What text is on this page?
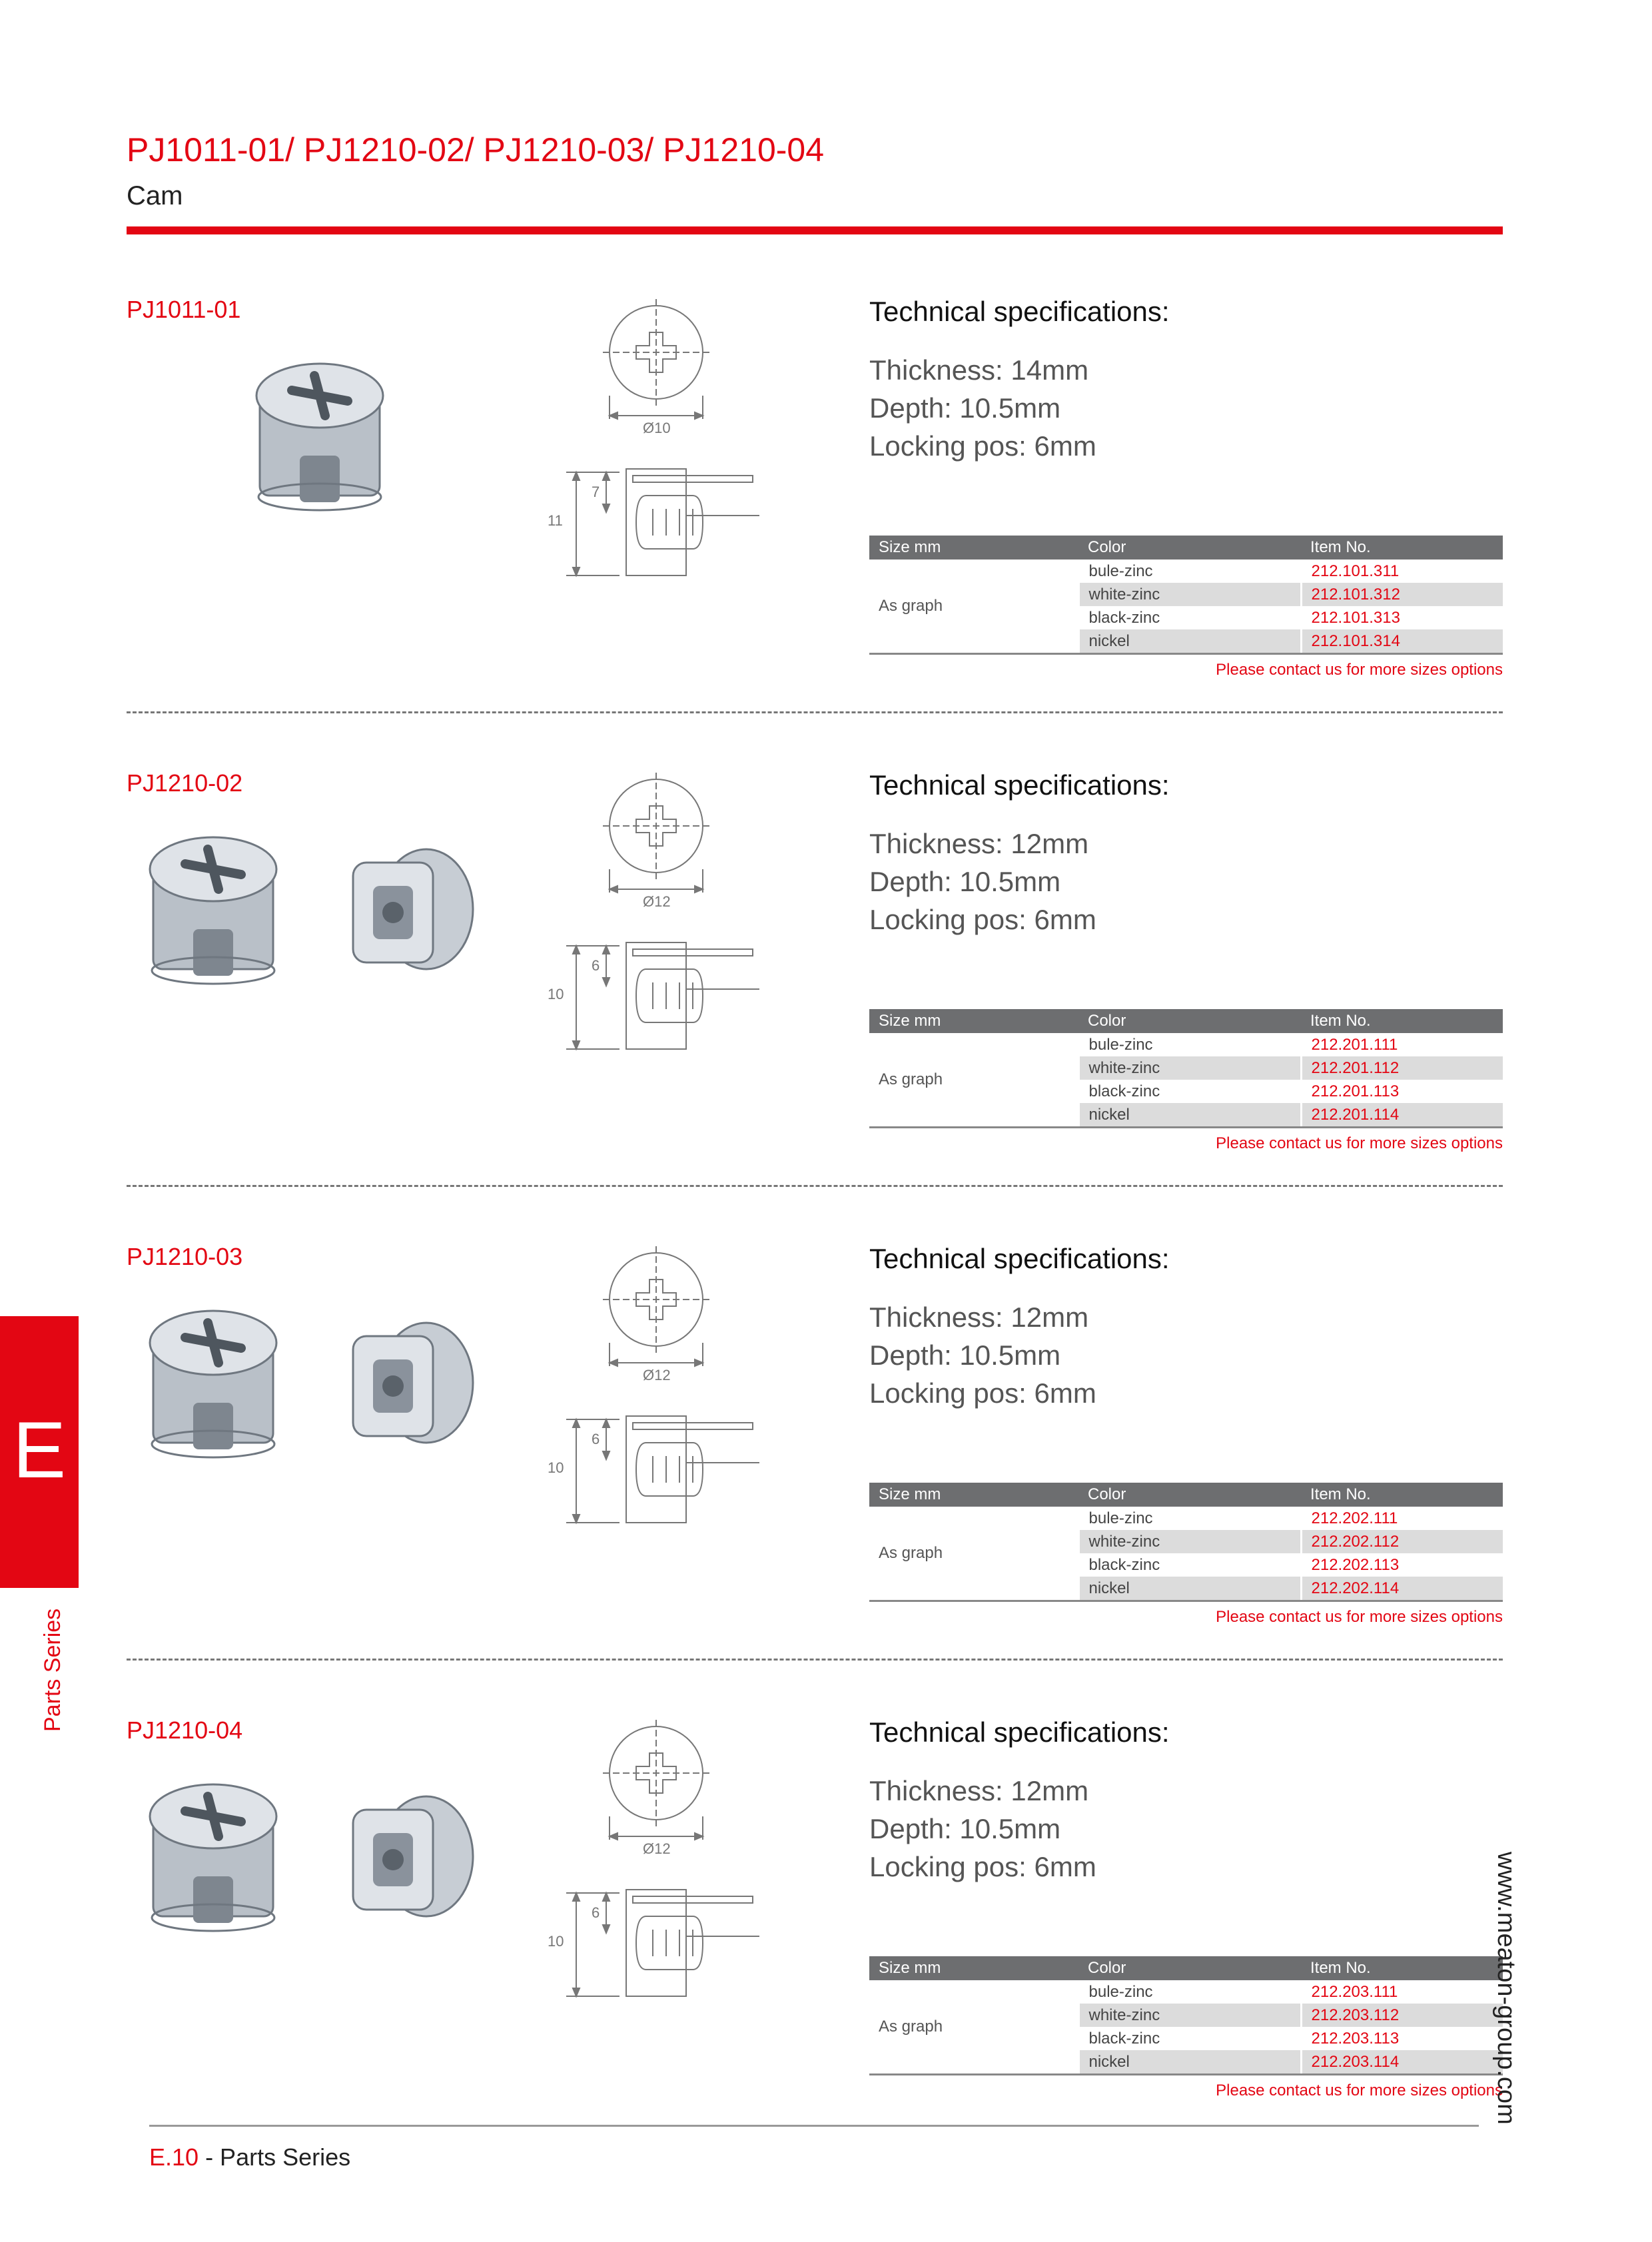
PJ1011-01/ PJ1210-02/ PJ1210-03/ PJ1210-04
Cam
PJ1011-01
Ø10
11
7
Technical specifications:
Thickness: 14mm
Depth: 10.5mm
Locking pos: 6mm
Size mm	Color	Item No.
As graph	bule-zinc	212.101.311
	white-zinc	212.101.312
	black-zinc	212.101.313
	nickel	212.101.314
Please contact us for more sizes options
PJ1210-02
Ø12
10
6
Technical specifications:
Thickness: 12mm
Depth: 10.5mm
Locking pos: 6mm
Size mm	Color	Item No.
As graph	bule-zinc	212.201.111
	white-zinc	212.201.112
	black-zinc	212.201.113
	nickel	212.201.114
Please contact us for more sizes options
PJ1210-03
Ø12
10
6
Technical specifications:
Thickness: 12mm
Depth: 10.5mm
Locking pos: 6mm
Size mm	Color	Item No.
As graph	bule-zinc	212.202.111
	white-zinc	212.202.112
	black-zinc	212.202.113
	nickel	212.202.114
Please contact us for more sizes options
PJ1210-04
Ø12
10
6
Technical specifications:
Thickness: 12mm
Depth: 10.5mm
Locking pos: 6mm
Size mm	Color	Item No.
As graph	bule-zinc	212.203.111
	white-zinc	212.203.112
	black-zinc	212.203.113
	nickel	212.203.114
Please contact us for more sizes options
E
Parts Series
www.meaton-group.com
E.10 - Parts Series
